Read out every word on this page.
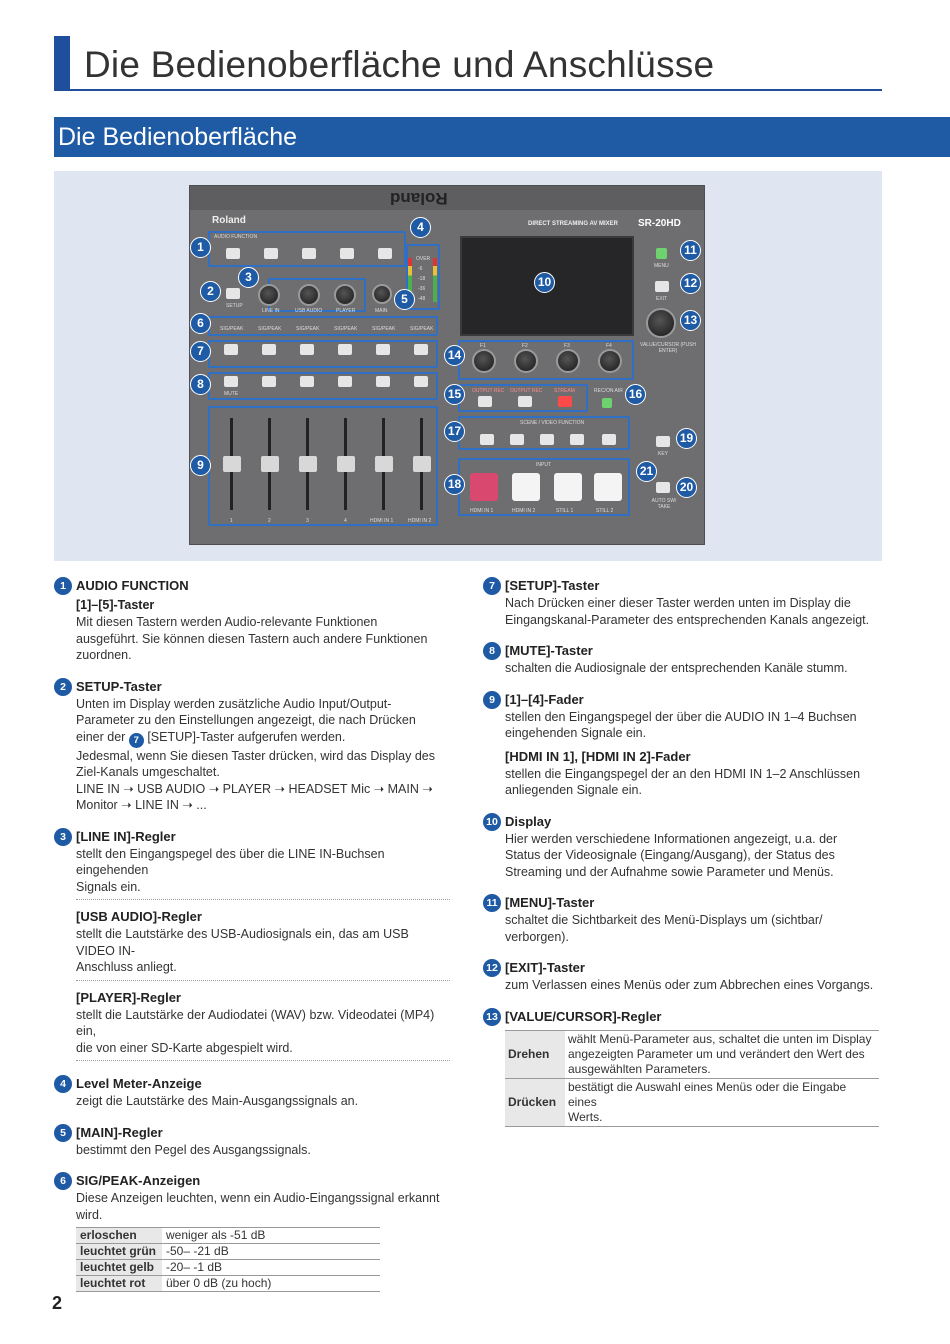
Die Bedienoberfläche und Anschlüsse
Die Bedienoberfläche
Roland
Roland	DIRECT STREAMING AV MIXER SR-20HD
AUDIO FUNCTION
SETUP
LINE IN	USB AUDIO	PLAYER	MAIN
OVER
-6
-18
-36
-48
SIG/PEAK	SIG/PEAK	SIG/PEAK	SIG/PEAK	SIG/PEAK	SIG/PEAK
MUTE
1	2	3	4	HDMI IN 1	HDMI IN 2
MENU
EXIT
VALUE/CURSOR (PUSH ENTER)
F1	F2	F3	F4
OUTPUT REC OUTPUT REC STREAM	REC/ON AIR
SCENE / VIDEO FUNCTION
KEY
INPUT
HDMI IN 1	HDMI IN 2	STILL 1	STILL 2
AUTO SW/ TAKE
1
2
3
4
5
6
7
8
9
10
11
12
13
14
15	16
17
18
19
20
21
1 AUDIO FUNCTION
[1]–[5]-Taster
Mit diesen Tastern werden Audio-relevante Funktionen
ausgeführt. Sie können diesen Tastern auch andere Funktionen
zuordnen.
2 SETUP-Taster
Unten im Display werden zusätzliche Audio Input/Output-
Parameter zu den Einstellungen angezeigt, die nach Drücken
einer der 7 [SETUP]-Taster aufgerufen werden.
Jedesmal, wenn Sie diesen Taster drücken, wird das Display des
Ziel-Kanals umgeschaltet.
LINE IN ➝ USB AUDIO ➝ PLAYER ➝ HEADSET Mic ➝ MAIN ➝
Monitor ➝ LINE IN ➝ ...
3 [LINE IN]-Regler
stellt den Eingangspegel des über die LINE IN-Buchsen eingehenden
Signals ein.
[USB AUDIO]-Regler
stellt die Lautstärke des USB-Audiosignals ein, das am USB VIDEO IN-
Anschluss anliegt.
[PLAYER]-Regler
stellt die Lautstärke der Audiodatei (WAV) bzw. Videodatei (MP4) ein,
die von einer SD-Karte abgespielt wird.
4 Level Meter-Anzeige
zeigt die Lautstärke des Main-Ausgangssignals an.
5 [MAIN]-Regler
bestimmt den Pegel des Ausgangssignals.
6 SIG/PEAK-Anzeigen
Diese Anzeigen leuchten, wenn ein Audio-Eingangssignal erkannt
wird.
erloschen	weniger als -51 dB
leuchtet grün	-50– -21 dB
leuchtet gelb	-20– -1 dB
leuchtet rot	über 0 dB (zu hoch)
7 [SETUP]-Taster
Nach Drücken einer dieser Taster werden unten im Display die
Eingangskanal-Parameter des entsprechenden Kanals angezeigt.
8 [MUTE]-Taster
schalten die Audiosignale der entsprechenden Kanäle stumm.
9 [1]–[4]-Fader
stellen den Eingangspegel der über die AUDIO IN 1–4 Buchsen
eingehenden Signale ein.
[HDMI IN 1], [HDMI IN 2]-Fader
stellen die Eingangspegel der an den HDMI IN 1–2 Anschlüssen
anliegenden Signale ein.
10 Display
Hier werden verschiedene Informationen angezeigt, u.a. der
Status der Videosignale (Eingang/Ausgang), der Status des
Streaming und der Aufnahme sowie Parameter und Menüs.
11 [MENU]-Taster
schaltet die Sichtbarkeit des Menü-Displays um (sichtbar/
verborgen).
12 [EXIT]-Taster
zum Verlassen eines Menüs oder zum Abbrechen eines Vorgangs.
13 [VALUE/CURSOR]-Regler
Drehen	wählt Menü-Parameter aus, schaltet die unten im Display
angezeigten Parameter um und verändert den Wert des
ausgewählten Parameters.

Drücken	bestätigt die Auswahl eines Menüs oder die Eingabe eines
Werts.
2
